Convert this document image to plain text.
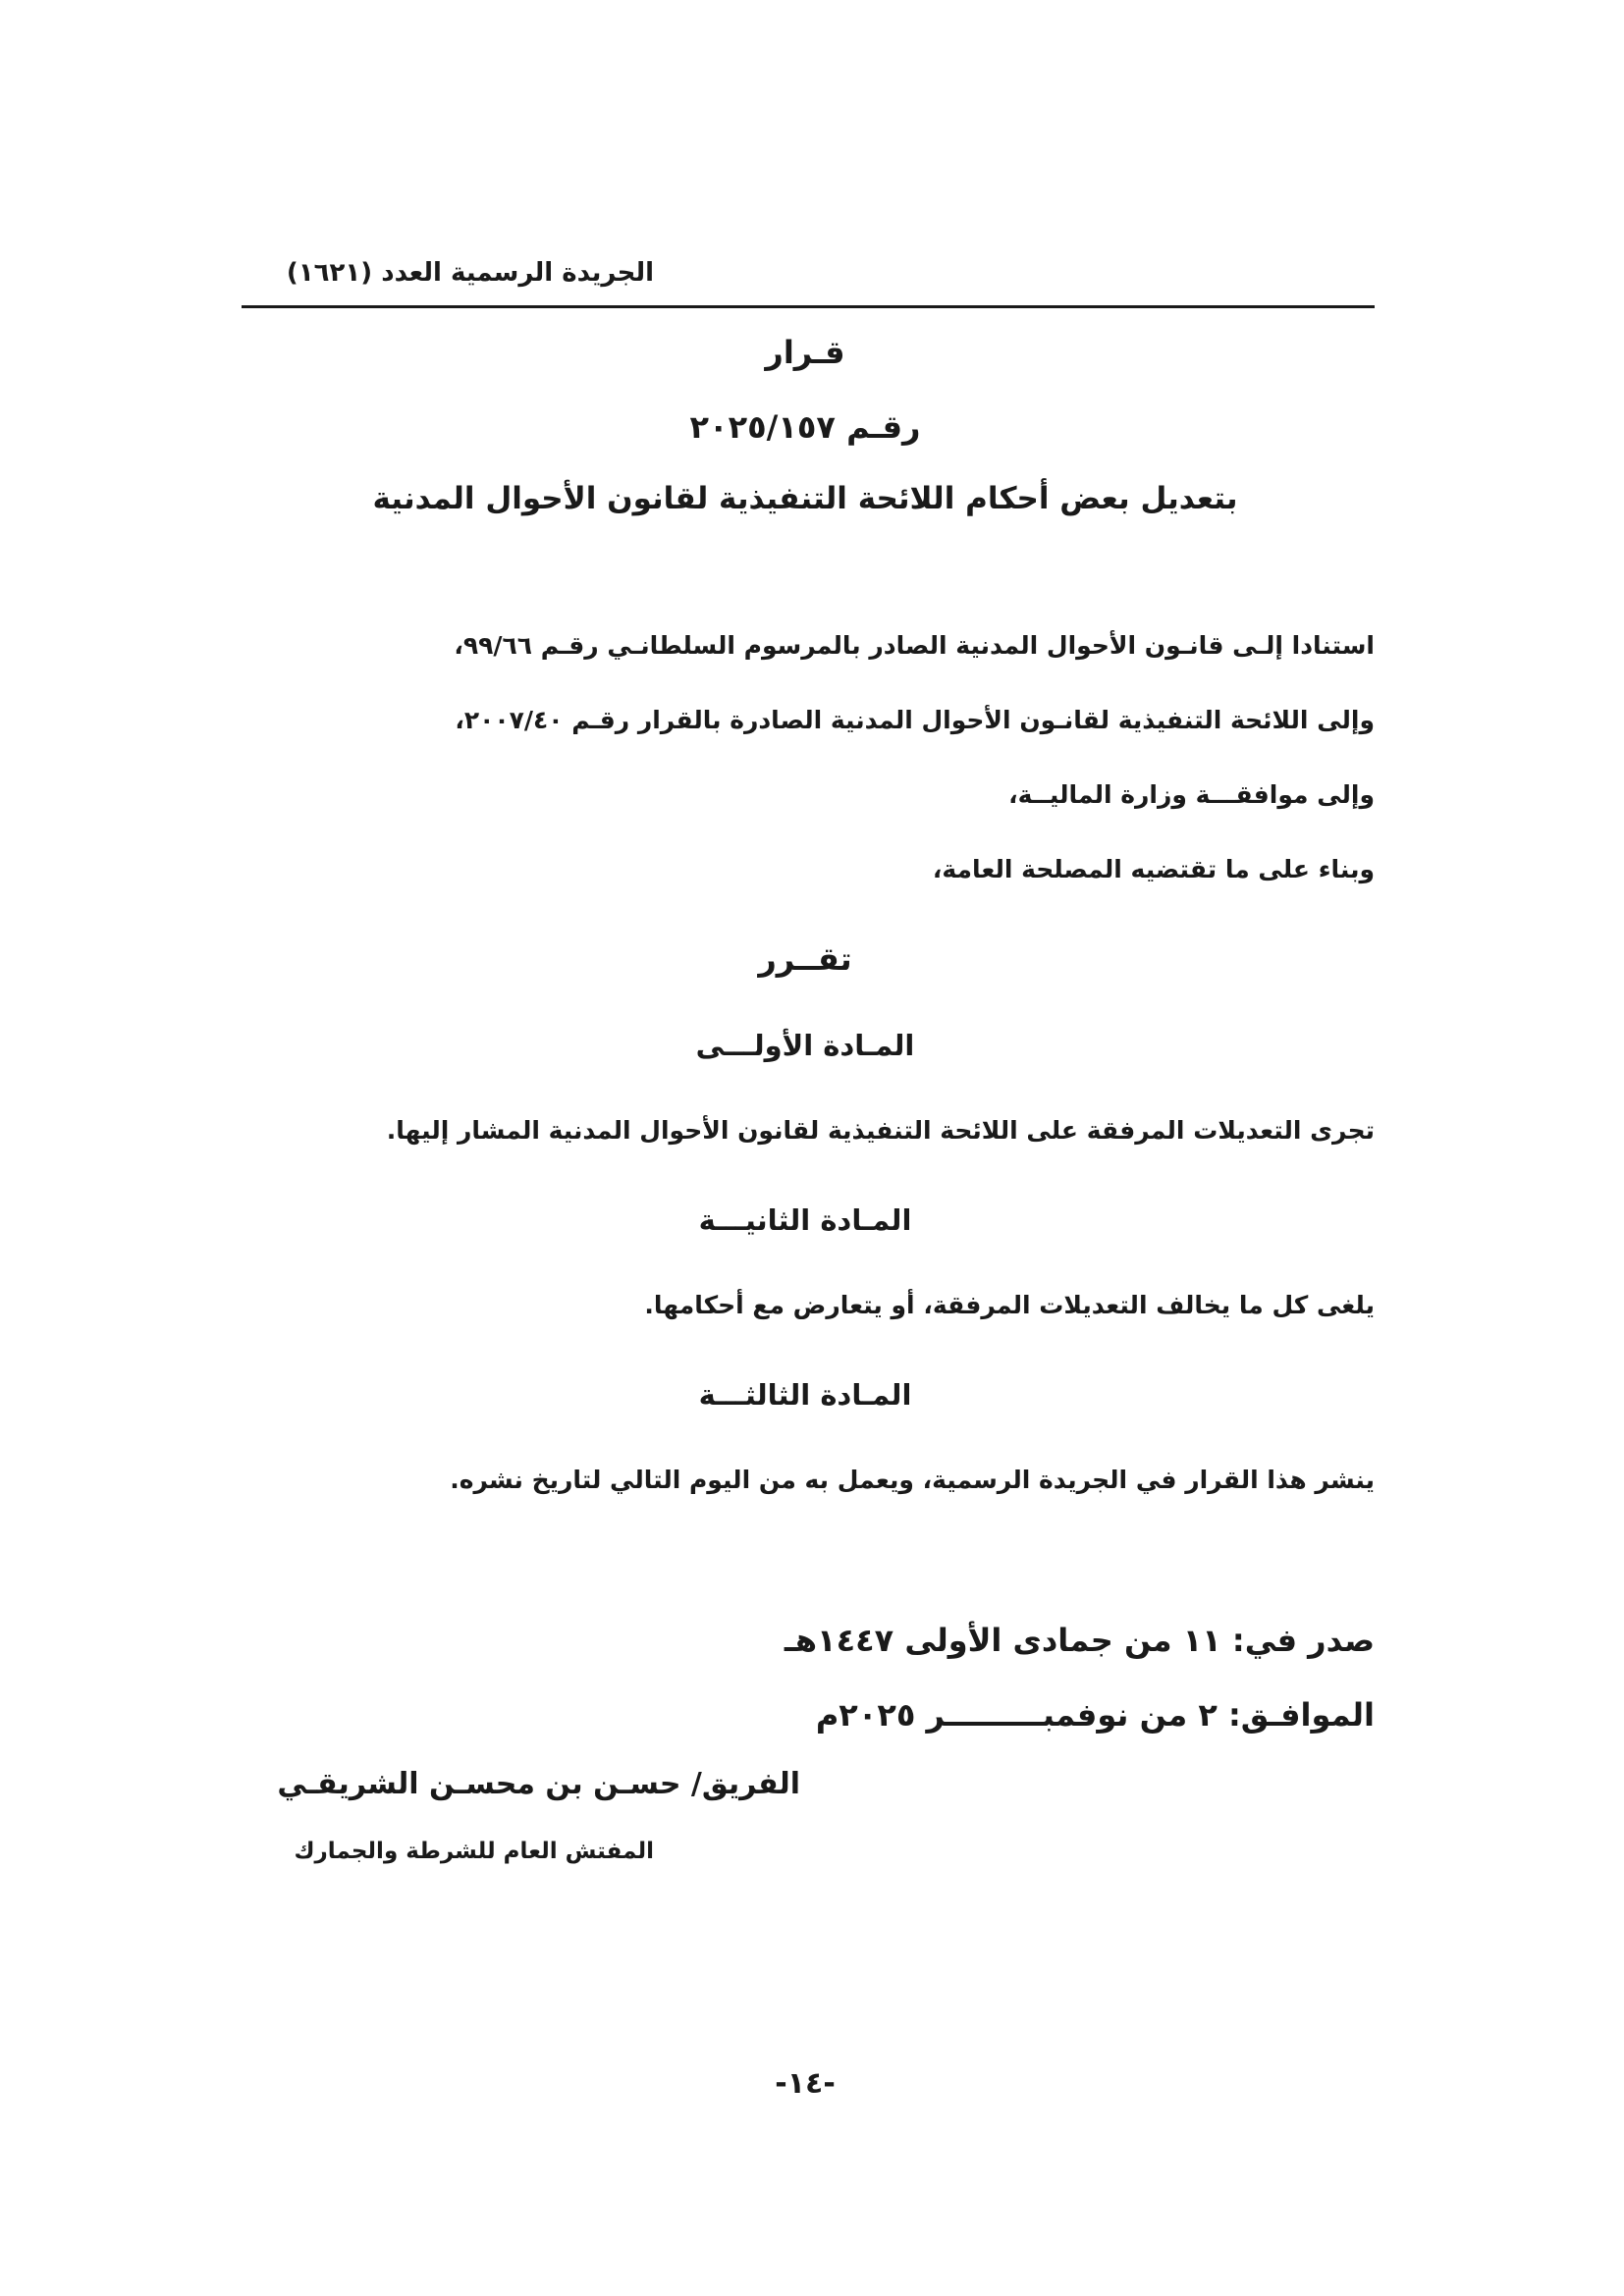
الجريدة الرسمية العدد (١٦٢١)
قـرار
رقـم ٢٠٢٥/١٥٧
بتعديل بعض أحكام اللائحة التنفيذية لقانون الأحوال المدنية
استنادا إلـى قانـون الأحوال المدنية الصادر بالمرسوم السلطانـي رقـم ٩٩/٦٦،
وإلى اللائحة التنفيذية لقانـون الأحوال المدنية الصادرة بالقرار رقـم ٢٠٠٧/٤٠،
وإلى موافقـــة وزارة الماليــة،
وبناء على ما تقتضيه المصلحة العامة،
تقــرر
المـادة الأولـــى
تجرى التعديلات المرفقة على اللائحة التنفيذية لقانون الأحوال المدنية المشار إليها.
المـادة الثانيـــة
يلغى كل ما يخالف التعديلات المرفقة، أو يتعارض مع أحكامها.
المـادة الثالثـــة
ينشر هذا القرار في الجريدة الرسمية، ويعمل به من اليوم التالي لتاريخ نشره.
صدر في: ١١ من جمادى الأولى ١٤٤٧هـ
الموافـق: ٢ من نوفمبـــــــــر ٢٠٢٥م
الفريق/ حسـن بن محسـن الشريقـي
المفتش العام للشرطة والجمارك
-١٤-
